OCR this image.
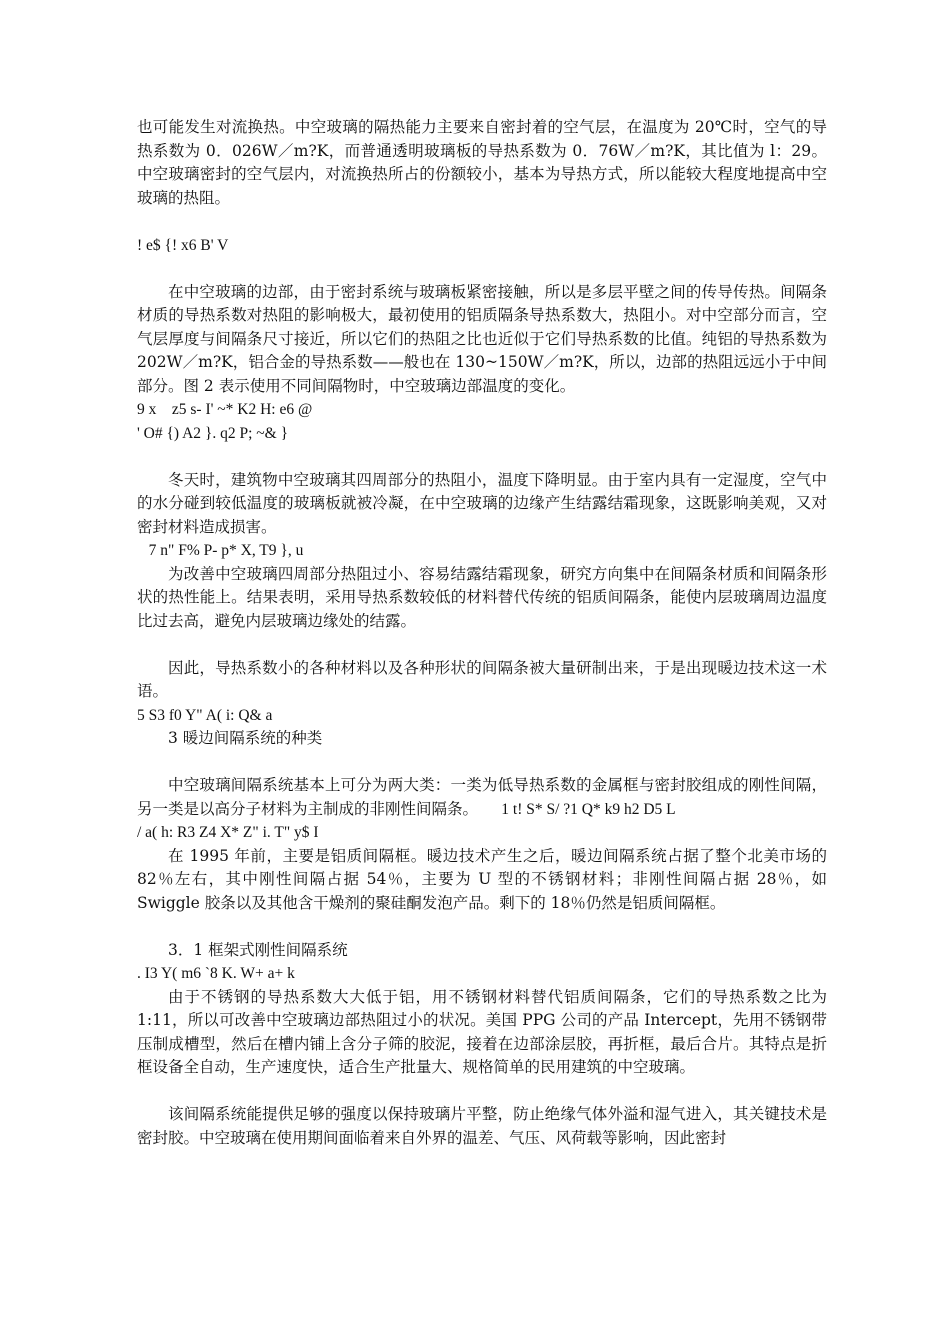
也可能发生对流换热。中空玻璃的隔热能力主要来自密封着的空气层，在温度为 20℃时，空气的导热系数为 0．026W／m?K，而普通透明玻璃板的导热系数为 0．76W／m?K，其比值为 l：29。中空玻璃密封的空气层内，对流换热所占的份额较小，基本为导热方式，所以能较大程度地提高中空玻璃的热阻。

! e$ {! x6 B' V

在中空玻璃的边部，由于密封系统与玻璃板紧密接触，所以是多层平壁之间的传导传热。间隔条材质的导热系数对热阻的影响极大，最初使用的铝质隔条导热系数大，热阻小。对中空部分而言，空气层厚度与间隔条尺寸接近，所以它们的热阻之比也近似于它们导热系数的比值。纯铝的导热系数为 202W／m?K，铝合金的导热系数——般也在 130~150W／m?K，所以，边部的热阻远远小于中间部分。图 2 表示使用不同间隔物时，中空玻璃边部温度的变化。

9 x    z5 s- I' ~* K2 H: e6 @

' O# {) A2 }. q2 P; ~& }

冬天时，建筑物中空玻璃其四周部分的热阻小，温度下降明显。由于室内具有一定湿度，空气中的水分碰到较低温度的玻璃板就被冷凝，在中空玻璃的边缘产生结露结霜现象，这既影响美观，又对密封材料造成损害。

7 n" F% P- p* X, T9 }, u

为改善中空玻璃四周部分热阻过小、容易结露结霜现象，研究方向集中在间隔条材质和间隔条形状的热性能上。结果表明，采用导热系数较低的材料替代传统的铝质间隔条，能使内层玻璃周边温度比过去高，避免内层玻璃边缘处的结露。

因此，导热系数小的各种材料以及各种形状的间隔条被大量研制出来，于是出现暖边技术这一术语。

5 S3 f0 Y" A( i: Q& a

3 暖边间隔系统的种类

中空玻璃间隔系统基本上可分为两大类：一类为低导热系数的金属框与密封胶组成的刚性间隔，另一类是以高分子材料为主制成的非刚性间隔条。      1 t! S* S/ ?1 Q* k9 h2 D5 L

/ a( h: R3 Z4 X* Z" i. T" y$ I

在 1995 年前，主要是铝质间隔框。暖边技术产生之后，暖边间隔系统占据了整个北美市场的 82％左右，其中刚性间隔占据 54％，主要为 U 型的不锈钢材料；非刚性间隔占据 28％，如 Swiggle 胶条以及其他含干燥剂的聚硅酮发泡产品。剩下的 18％仍然是铝质间隔框。

3．1 框架式刚性间隔系统

. I3 Y( m6 `8 K. W+ a+ k

由于不锈钢的导热系数大大低于铝，用不锈钢材料替代铝质间隔条，它们的导热系数之比为 1:11，所以可改善中空玻璃边部热阻过小的状况。美国 PPG 公司的产品 Intercept，先用不锈钢带压制成槽型，然后在槽内铺上含分子筛的胶泥，接着在边部涂层胶，再折框，最后合片。其特点是折框设备全自动，生产速度快，适合生产批量大、规格简单的民用建筑的中空玻璃。

该间隔系统能提供足够的强度以保持玻璃片平整，防止绝缘气体外溢和湿气进入，其关键技术是密封胶。中空玻璃在使用期间面临着来自外界的温差、气压、风荷载等影响，因此密封
